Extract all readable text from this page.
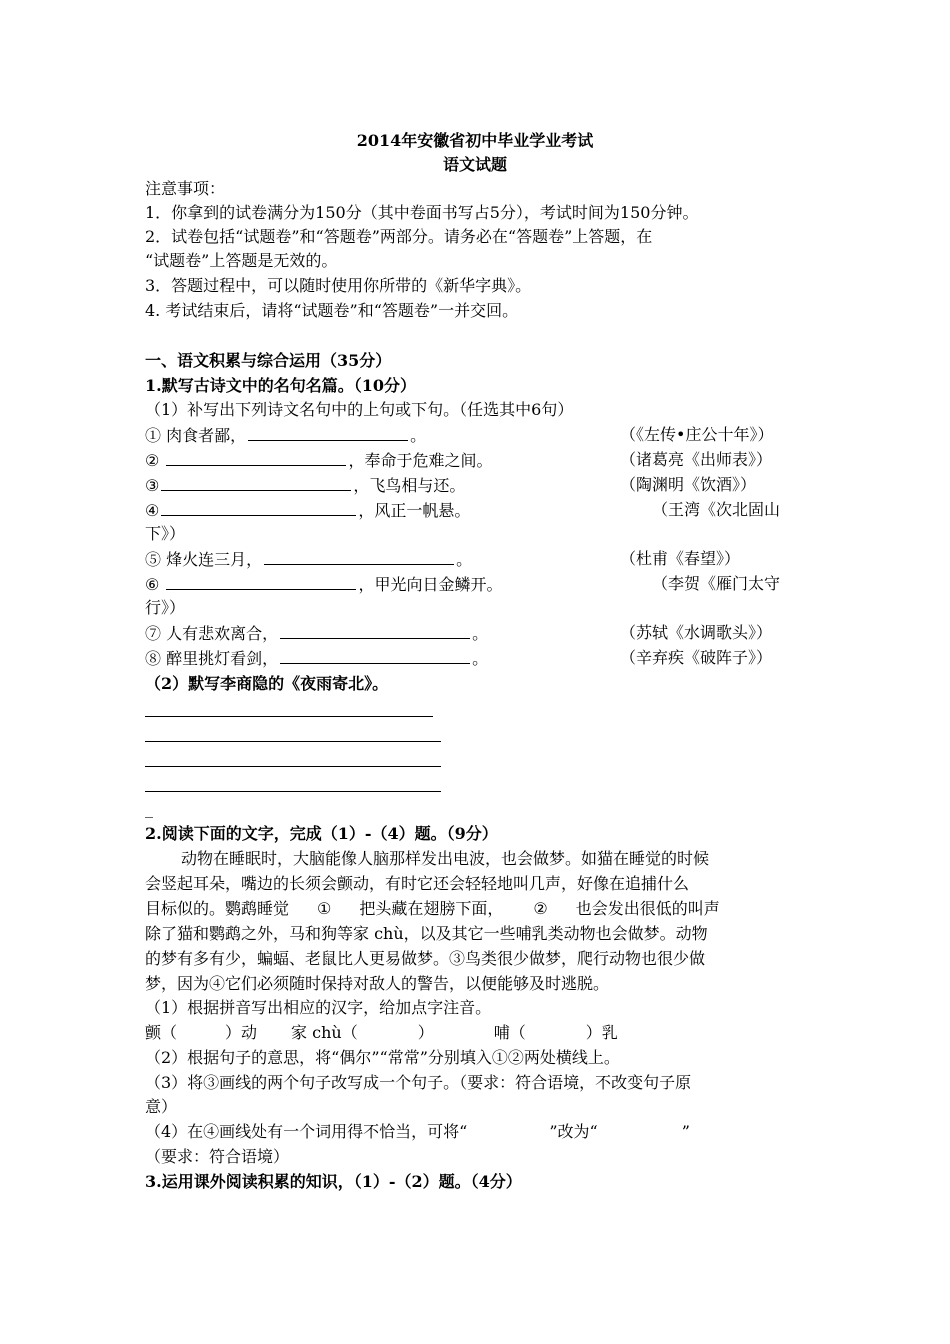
2014年安徽省初中毕业学业考试
语文试题
注意事项：
1．你拿到的试卷满分为150分（其中卷面书写占5分），考试时间为150分钟。
2．试卷包括“试题卷”和“答题卷”两部分。请务必在“答题卷”上答题，在
“试题卷”上答题是无效的。
3．答题过程中，可以随时使用你所带的《新华字典》。
4. 考试结束后，请将“试题卷”和“答题卷”一并交回。
一、语文积累与综合运用（35分）
1.默写古诗文中的名句名篇。（10分）
（1）补写出下列诗文名句中的上句或下句。（任选其中6句）
① 肉食者鄙，	。	（《左传•庄公十年》）
②	，奉命于危难之间。	（诸葛亮《出师表》）
③	，飞鸟相与还。	（陶渊明《饮酒》）
④	，风正一帆悬。	（王湾《次北固山
下》）
⑤ 烽火连三月，	。	（杜甫《春望》）
⑥	，甲光向日金鳞开。	（李贺《雁门太守
行》）
⑦ 人有悲欢离合，	。	（苏轼《水调歌头》）
⑧ 醉里挑灯看剑，	。	（辛弃疾《破阵子》）
（2）默写李商隐的《夜雨寄北》。
_
2.阅读下面的文字，完成（1）-（4）题。（9分）
动物在睡眠时，大脑能像人脑那样发出电波，也会做梦。如猫在睡觉的时候
会竖起耳朵，嘴边的长须会颤动，有时它还会轻轻地叫几声，好像在追捕什么
目标似的。鹦鹉睡觉 ① 把头藏在翅膀下面， ② 也会发出很低的叫声
除了猫和鹦鹉之外，马和狗等家 chù，以及其它一些哺乳类动物也会做梦。动物
的梦有多有少，蝙蝠、老鼠比人更易做梦。③鸟类很少做梦，爬行动物也很少做
梦，因为④它们必须随时保持对敌人的警告，以便能够及时逃脱。
（1）根据拼音写出相应的汉字，给加点字注音。
颤（	）动 家 chù（	）	哺（	）乳
（2）根据句子的意思，将“偶尔”“常常”分别填入①②两处横线上。
（3）将③画线的两个句子改写成一个句子。（要求：符合语境，不改变句子原
意）
（4）在④画线处有一个词用得不恰当，可将“	”改为“	”
（要求：符合语境）
3.运用课外阅读积累的知识，（1）-（2）题。（4分）
